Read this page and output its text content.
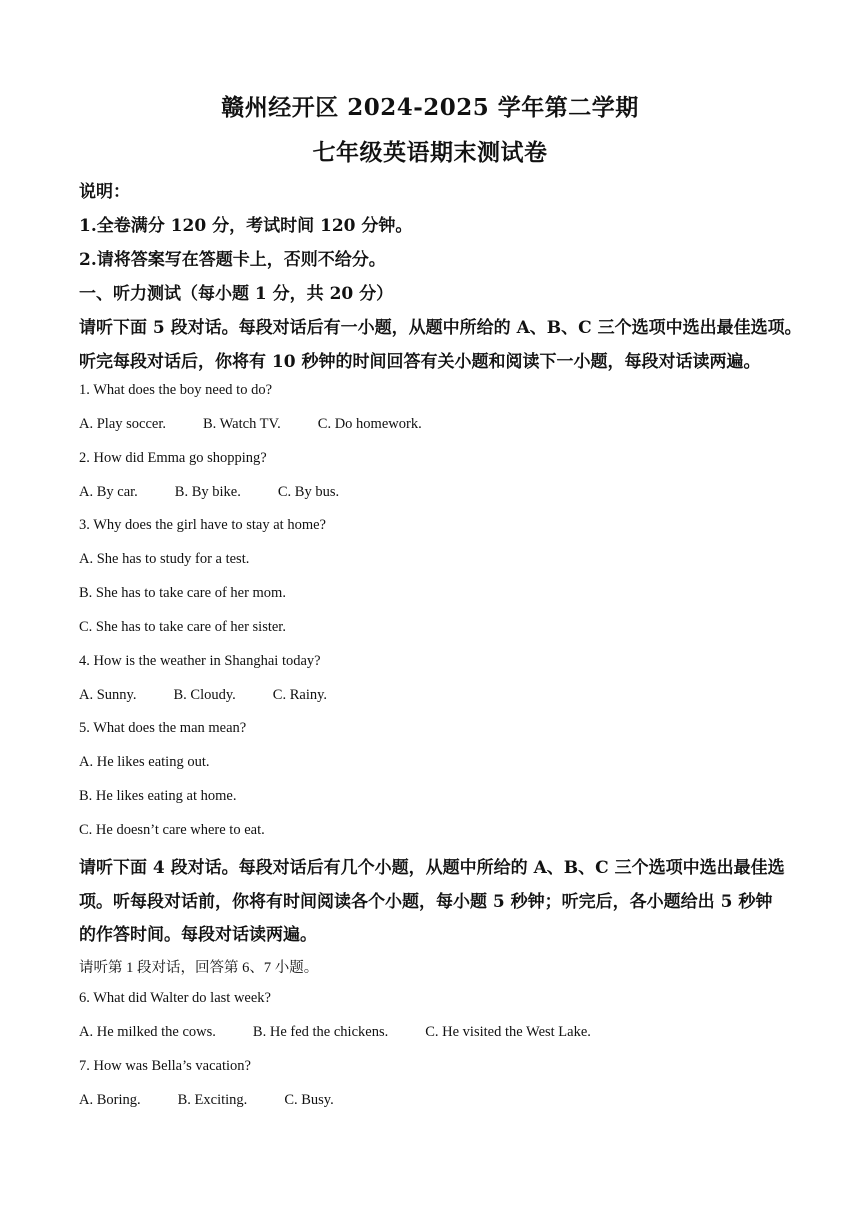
赣州经开区 2024-2025 学年第二学期
七年级英语期末测试卷
说明：
1.全卷满分 120 分，考试时间 120 分钟。
2.请将答案写在答题卡上，否则不给分。
一、听力测试（每小题 1 分，共 20 分）
请听下面 5 段对话。每段对话后有一小题，从题中所给的 A、B、C 三个选项中选出最佳选项。
听完每段对话后，你将有 10 秒钟的时间回答有关小题和阅读下一小题，每段对话读两遍。
1. What does the boy need to do?
A. Play soccer.	B. Watch TV.	C. Do homework.
2. How did Emma go shopping?
A. By car.	B. By bike.	C. By bus.
3. Why does the girl have to stay at home?
A. She has to study for a test.
B. She has to take care of her mom.
C. She has to take care of her sister.
4. How is the weather in Shanghai today?
A. Sunny.	B. Cloudy.	C. Rainy.
5. What does the man mean?
A. He likes eating out.
B. He likes eating at home.
C. He doesn’t care where to eat.
请听下面 4 段对话。每段对话后有几个小题，从题中所给的 A、B、C 三个选项中选出最佳选
项。听每段对话前，你将有时间阅读各个小题，每小题 5 秒钟；听完后，各小题给出 5 秒钟
的作答时间。每段对话读两遍。
请听第 1 段对话，回答第 6、7 小题。
6. What did Walter do last week?
A. He milked the cows.	B. He fed the chickens.	C. He visited the West Lake.
7. How was Bella’s vacation?
A. Boring.	B. Exciting.	C. Busy.
